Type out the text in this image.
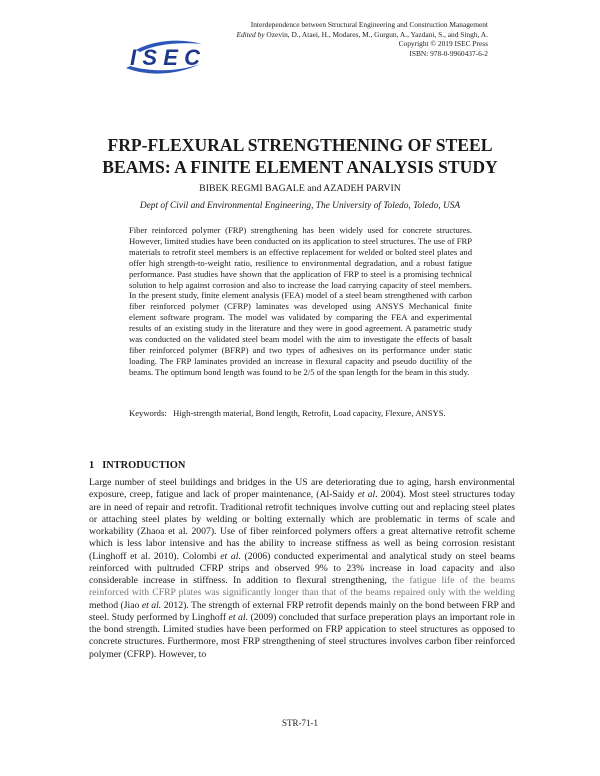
ISEC
Interdependence between Structural Engineering and Construction Management
Edited by Ozevin, D., Ataei, H., Modares, M., Gurgun, A., Yazdani, S., and Singh, A.
Copyright © 2019 ISEC Press
ISBN: 978-0-9960437-6-2
FRP-FLEXURAL STRENGTHENING OF STEEL
BEAMS: A FINITE ELEMENT ANALYSIS STUDY

BIBEK REGMI BAGALE and AZADEH PARVIN

Dept of Civil and Environmental Engineering, The University of Toledo, Toledo, USA

Fiber reinforced polymer (FRP) strengthening has been widely used for concrete structures. However, limited studies have been conducted on its application to steel structures. The use of FRP materials to retrofit steel members is an effective replacement for welded or bolted steel plates and offer high strength-to-weight ratio, resilience to environmental degradation, and a robust fatigue performance. Past studies have shown that the application of FRP to steel is a promising technical solution to help against corrosion and also to increase the load carrying capacity of steel members. In the present study, finite element analysis (FEA) model of a steel beam strengthened with carbon fiber reinforced polymer (CFRP) laminates was developed using ANSYS Mechanical finite element software program. The model was validated by comparing the FEA and experimental results of an existing study in the literature and they were in good agreement. A parametric study was conducted on the validated steel beam model with the aim to investigate the effects of basalt fiber reinforced polymer (BFRP) and two types of adhesives on its performance under static loading. The FRP laminates provided an increase in flexural capacity and pseudo ductility of the beams. The optimum bond length was found to be 2/5 of the span length for the beam in this study.

Keywords: High-strength material, Bond length, Retrofit, Load capacity, Flexure, ANSYS.

1 INTRODUCTION

Large number of steel buildings and bridges in the US are deteriorating due to aging, harsh environmental exposure, creep, fatigue and lack of proper maintenance, (Al-Saidy et al. 2004). Most steel structures today are in need of repair and retrofit. Traditional retrofit techniques involve cutting out and replacing steel plates or attaching steel plates by welding or bolting externally which are problematic in terms of scale and workability (Zhaoa et al. 2007). Use of fiber reinforced polymers offers a great alternative retrofit scheme which is less labor intensive and has the ability to increase stiffness as well as being corrosion resistant (Linghoff et al. 2010). Colombi et al. (2006) conducted experimental and analytical study on steel beams reinforced with pultruded CFRP strips and observed 9% to 23% increase in load capacity and also considerable increase in stiffness. In addition to flexural strengthening, the fatigue life of the beams reinforced with CFRP plates was significantly longer than that of the beams repaired only with the welding method (Jiao et al. 2012). The strength of external FRP retrofit depends mainly on the bond between FRP and steel. Study performed by Linghoff et al. (2009) concluded that surface preperation plays an important role in the bond strength. Limited studies have been performed on FRP appication to steel structures as opposed to concrete structures. Furthermore, most FRP strengthening of steel structures involves carbon fiber reinforced polymer (CFRP). However, to

STR-71-1
